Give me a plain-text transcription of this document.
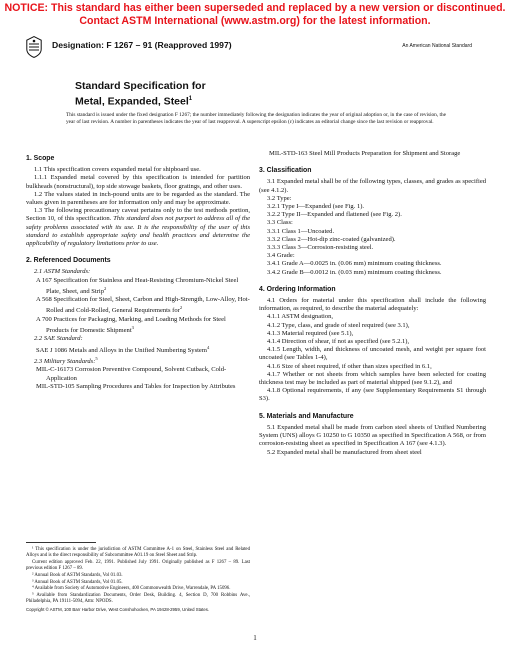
NOTICE: This standard has either been superseded and replaced by a new version or discontinued.
Contact ASTM International (www.astm.org) for the latest information.
Designation: F 1267 – 91 (Reapproved 1997)	An American National Standard
Standard Specification for
Metal, Expanded, Steel$^1$
This standard is issued under the fixed designation F 1267; the number immediately following the designation indicates the year of original adoption or, in the case of revision, the year of last revision. A number in parentheses indicates the year of last reapproval. A superscript epsilon (ε) indicates an editorial change since the last revision or reapproval.
1. Scope

1.1 This specification covers expanded metal for shipboard use.

1.1.1 Expanded metal covered by this specification is intended for partition bulkheads (nonstructural), top side stowage baskets, floor gratings, and other uses.

1.2 The values stated in inch-pound units are to be regarded as the standard. The values given in parentheses are for information only and may be approximate.

1.3 The following precautionary caveat pertains only to the test methods portion, Section 10, of this specification. This standard does not purport to address all of the safety problems associated with its use. It is the responsibility of the user of this standard to establish appropriate safety and health practices and determine the applicability of regulatory limitations prior to use.

2. Referenced Documents

2.1 ASTM Standards:

A 167 Specification for Stainless and Heat-Resisting Chromium-Nickel Steel Plate, Sheet, and Strip$^2$

A 568 Specification for Steel, Sheet, Carbon and High-Strength, Low-Alloy, Hot-Rolled and Cold-Rolled, General Requirements for$^2$

A 700 Practices for Packaging, Marking, and Loading Methods for Steel Products for Domestic Shipment$^3$

2.2 SAE Standard:

SAE J 1086 Metals and Alloys in the Unified Numbering System$^4$

2.3 Military Standards:$^5$

MIL-C-16173 Corrosion Preventive Compound, Solvent Cutback, Cold-Application

MIL-STD-105 Sampling Procedures and Tables for Inspection by Attributes

MIL-STD-163 Steel Mill Products Preparation for Shipment and Storage

3. Classification

3.1 Expanded metal shall be of the following types, classes, and grades as specified (see 4.1.2).

3.2 Type:

3.2.1 Type I—Expanded (see Fig. 1).

3.2.2 Type II—Expanded and flattened (see Fig. 2).

3.3 Class:

3.3.1 Class 1—Uncoated.

3.3.2 Class 2—Hot-dip zinc-coated (galvanized).

3.3.3 Class 3—Corrosion-resisting steel.

3.4 Grade:

3.4.1 Grade A—0.0025 in. (0.06 mm) minimum coating thickness.

3.4.2 Grade B—0.0012 in. (0.03 mm) minimum coating thickness.

4. Ordering Information

4.1 Orders for material under this specification shall include the following information, as required, to describe the material adequately:

4.1.1 ASTM designation,

4.1.2 Type, class, and grade of steel required (see 3.1),

4.1.3 Material required (see 5.1),

4.1.4 Direction of shear, if not as specified (see 5.2.1),

4.1.5 Length, width, and thickness of uncoated mesh, and weight per square foot uncoated (see Tables 1-4),

4.1.6 Size of sheet required, if other than sizes specified in 6.1,

4.1.7 Whether or not sheets from which samples have been selected for coating thickness test may be included as part of material shipped (see 9.1.2), and

4.1.8 Optional requirements, if any (see Supplementary Requirements S1 through S3).

5. Materials and Manufacture

5.1 Expanded metal shall be made from carbon steel sheets of Unified Numbering System (UNS) alloys G 10250 to G 10350 as specified in Specification A 568, or from corrosion-resisting sheet as specified in Specification A 167 (see 4.1.3).

5.2 Expanded metal shall be manufactured from sheet steel

¹ This specification is under the jurisdiction of ASTM Committee A-1 on Steel, Stainless Steel and Related Alloys and is the direct responsibility of Subcommittee A01.19 on Steel Sheet and Strip.

Current edition approved Feb. 22, 1991. Published July 1991. Originally published as F 1267 – 89. Last previous edition F 1267 – 89.

² Annual Book of ASTM Standards, Vol 01.03.

³ Annual Book of ASTM Standards, Vol 01.05.

⁴ Available from Society of Automotive Engineers, 400 Commonwealth Drive, Warrendale, PA 15096.

⁵ Available from Standardization Documents, Order Desk, Building. 4, Section D, 700 Robbins Ave., Philadelphia, PA 19111-5094, Attn: NPODS.

Copyright © ASTM, 100 Barr Harbor Drive, West Conshohocken, PA 19428-2959, United States.
1
